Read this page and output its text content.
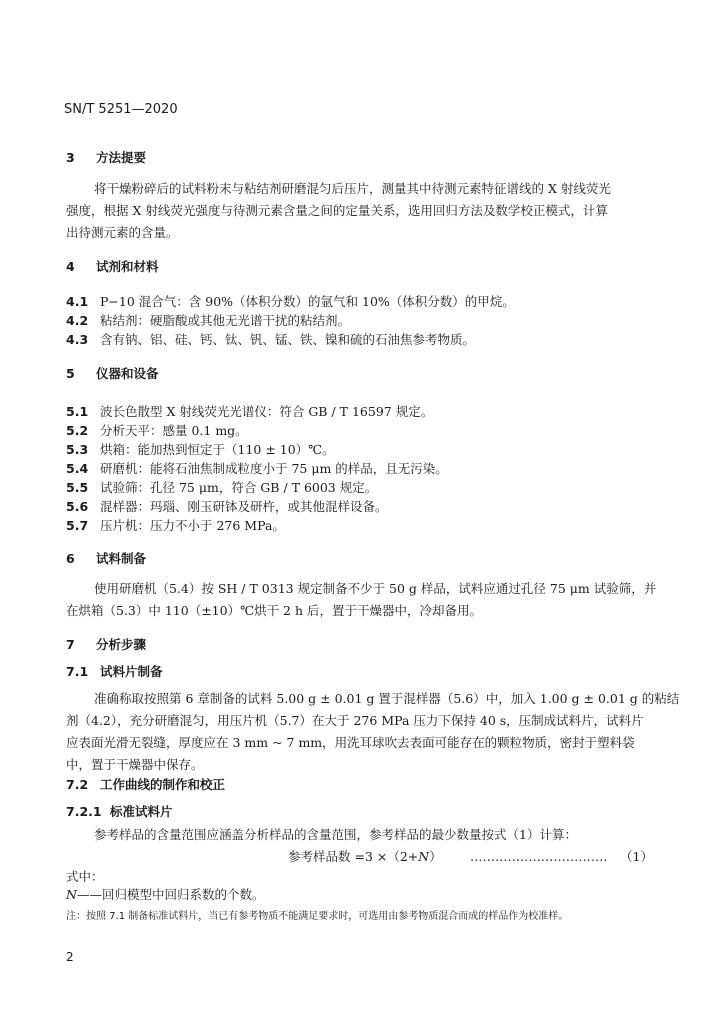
SN/T 5251—2020
3 方法提要
将干燥粉碎后的试料粉末与粘结剂研磨混匀后压片，测量其中待测元素特征谱线的 X 射线荧光
强度，根据 X 射线荧光强度与待测元素含量之间的定量关系，选用回归方法及数学校正模式，计算
出待测元素的含量。
4 试剂和材料
4.1 P−10 混合气：含 90%（体积分数）的氩气和 10%（体积分数）的甲烷。
4.2 粘结剂：硬脂酸或其他无光谱干扰的粘结剂。
4.3 含有钠、铝、硅、钙、钛、钒、锰、铁、镍和硫的石油焦参考物质。
5 仪器和设备
5.1 波长色散型 X 射线荧光光谱仪：符合 GB / T 16597 规定。
5.2 分析天平：感量 0.1 mg。
5.3 烘箱：能加热到恒定于（110 ± 10）℃。
5.4 研磨机：能将石油焦制成粒度小于 75 μm 的样品，且无污染。
5.5 试验筛：孔径 75 μm，符合 GB / T 6003 规定。
5.6 混样器：玛瑙、刚玉研钵及研杵，或其他混样设备。
5.7 压片机：压力不小于 276 MPa。
6 试料制备
使用研磨机（5.4）按 SH / T 0313 规定制备不少于 50 g 样品，试料应通过孔径 75 μm 试验筛，并
在烘箱（5.3）中 110（±10）℃烘干 2 h 后，置于干燥器中，冷却备用。
7 分析步骤
7.1 试料片制备
准确称取按照第 6 章制备的试料 5.00 g ± 0.01 g 置于混样器（5.6）中，加入 1.00 g ± 0.01 g 的粘结
剂（4.2），充分研磨混匀，用压片机（5.7）在大于 276 MPa 压力下保持 40 s，压制成试料片，试料片
应表面光滑无裂缝，厚度应在 3 mm ~ 7 mm，用洗耳球吹去表面可能存在的颗粒物质，密封于塑料袋
中，置于干燥器中保存。
7.2 工作曲线的制作和校正
7.2.1 标准试料片
参考样品的含量范围应涵盖分析样品的含量范围，参考样品的最少数量按式（1）计算：
参考样品数 =3 ×（2+N） …………………………… （1）
式中：
N——回归模型中回归系数的个数。
注：按照 7.1 制备标准试料片，当已有参考物质不能满足要求时，可选用由参考物质混合而成的样品作为校准样。
2
